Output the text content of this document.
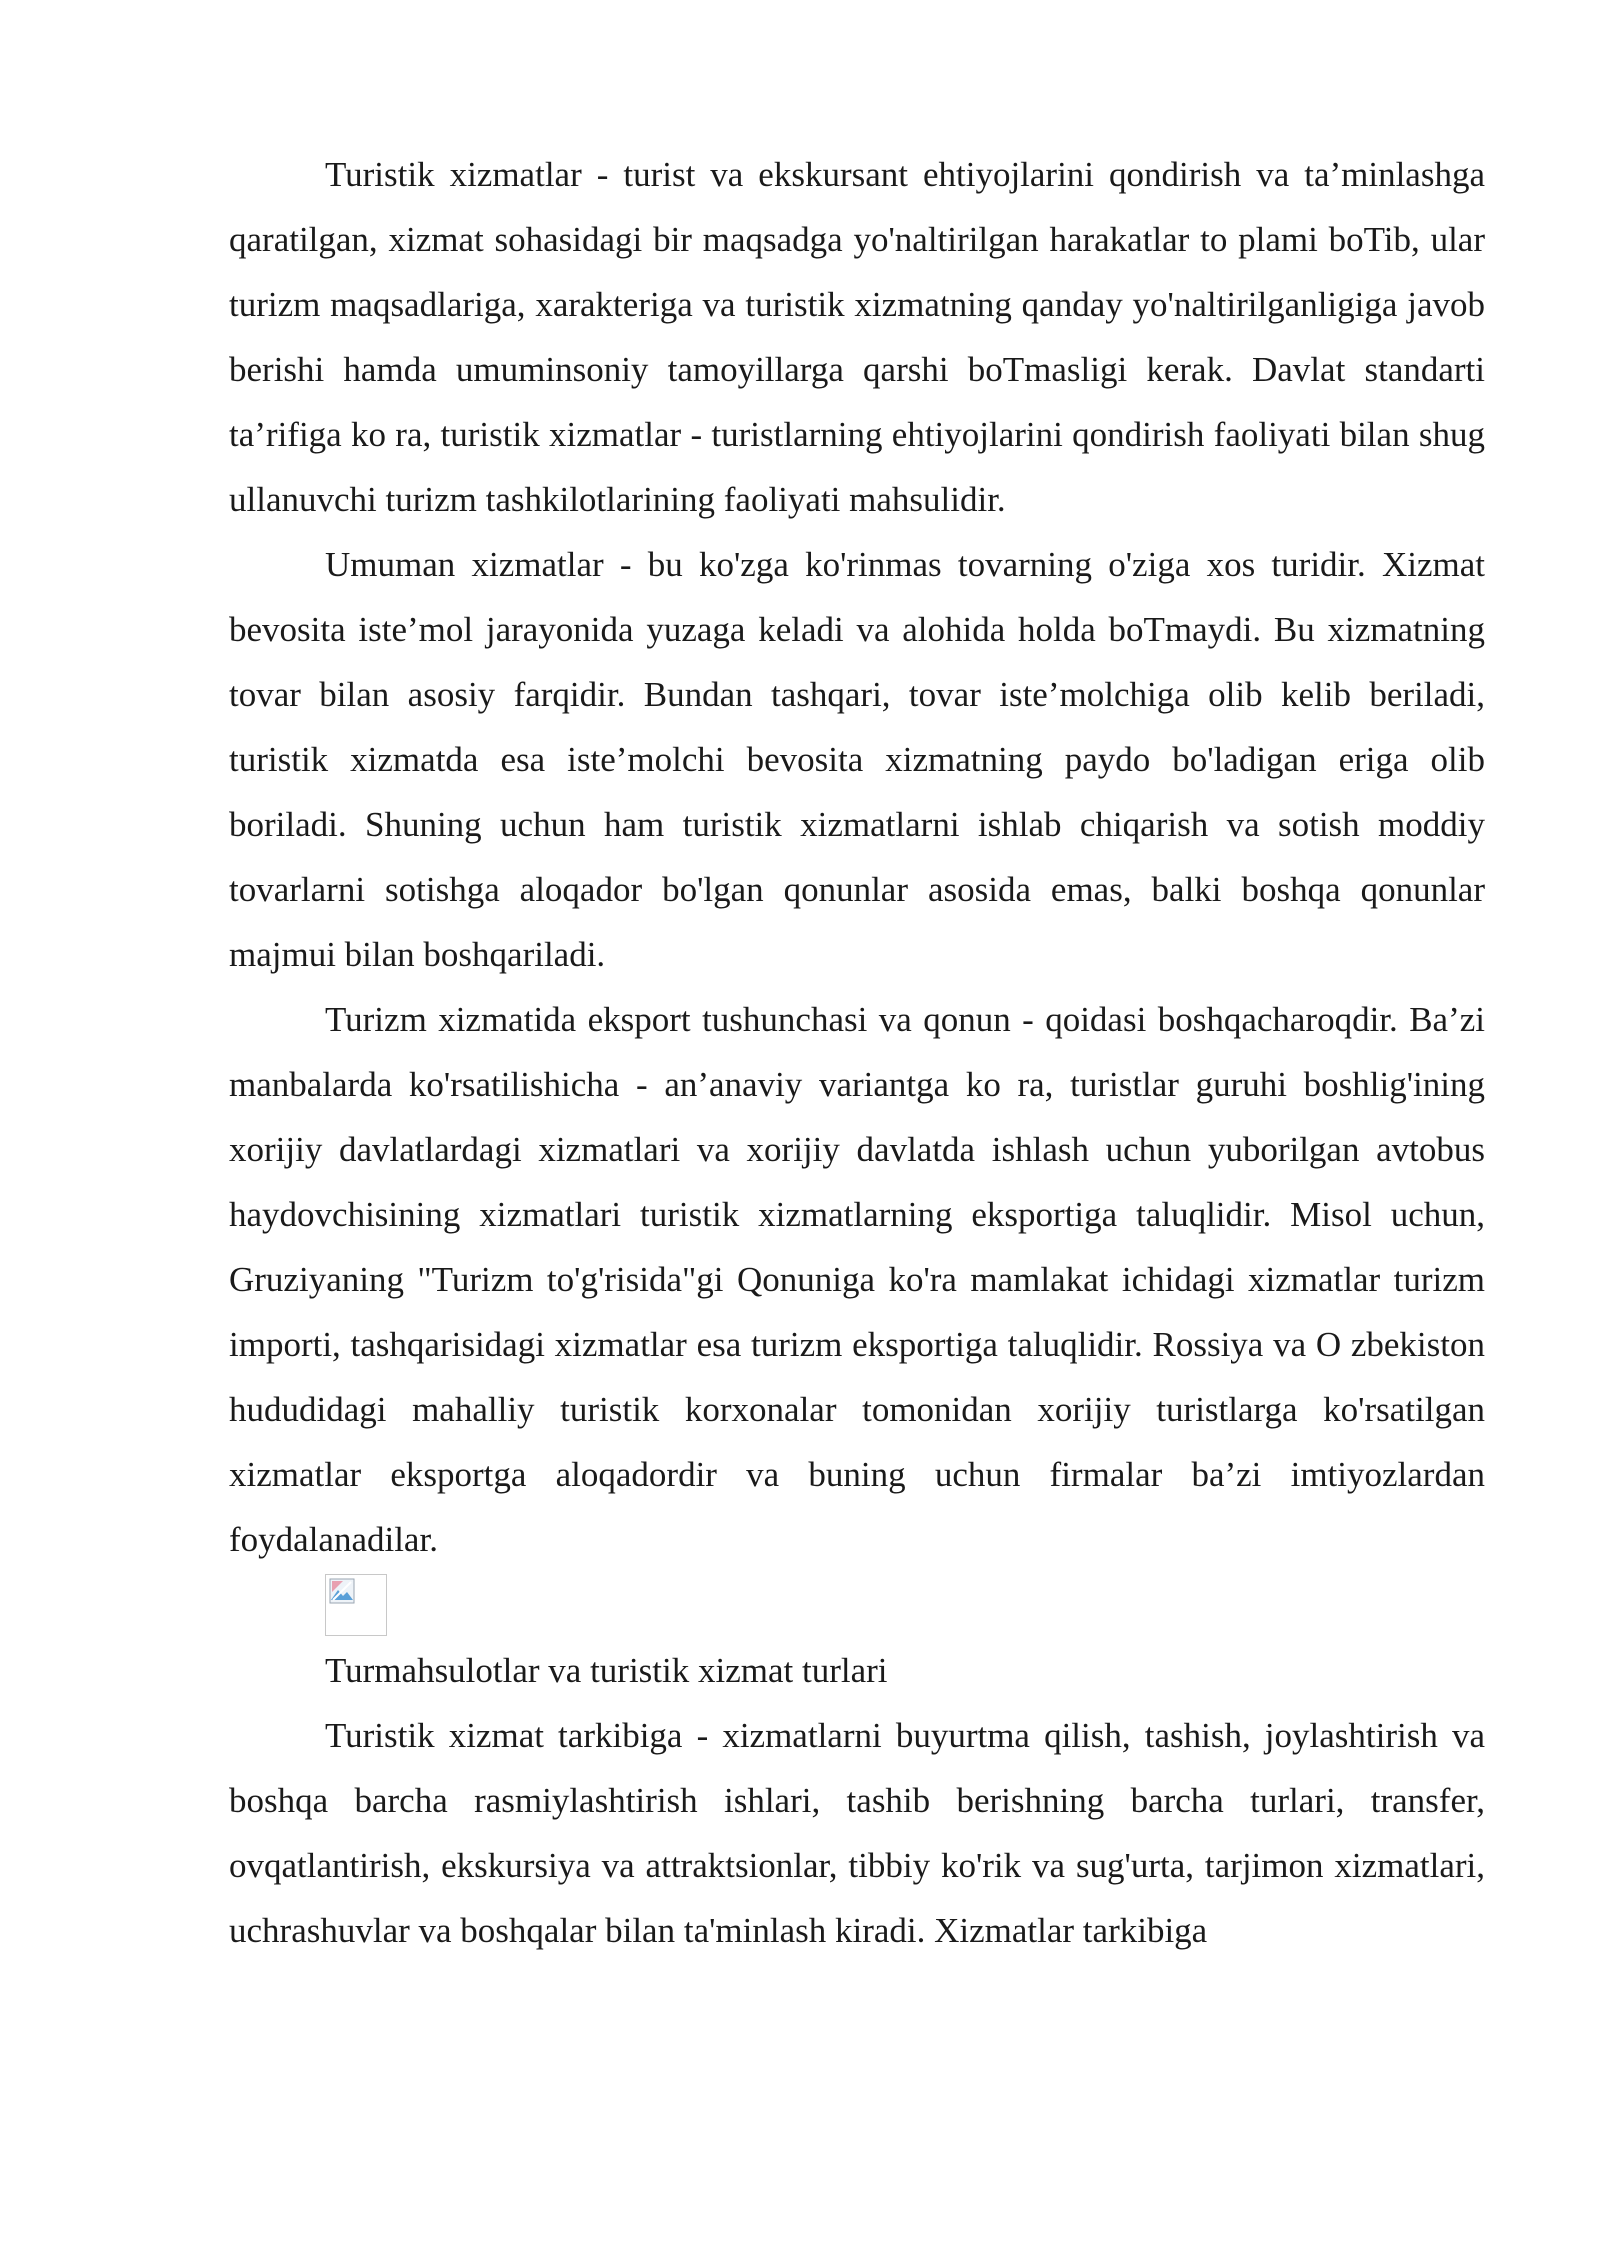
Turistik xizmatlar - turist va ekskursant ehtiyojlarini qondirish va ta’minlashga qaratilgan, xizmat sohasidagi bir maqsadga yo'naltirilgan harakatlar to plami boTib, ular turizm maqsadlariga, xarakteriga va turistik xizmatning qanday yo'naltirilganligiga javob berishi hamda umuminsoniy tamoyillarga qarshi boTmasligi kerak. Davlat standarti ta’rifiga ko ra, turistik xizmatlar - turistlarning ehtiyojlarini qondirish faoliyati bilan shug ullanuvchi turizm tashkilotlarining faoliyati mahsulidir.

Umuman xizmatlar - bu ko'zga ko'rinmas tovarning o'ziga xos turidir. Xizmat bevosita iste’mol jarayonida yuzaga keladi va alohida holda boTmaydi. Bu xizmatning tovar bilan asosiy farqidir. Bundan tashqari, tovar iste’molchiga olib kelib beriladi, turistik xizmatda esa iste’molchi bevosita xizmatning paydo bo'ladigan eriga olib boriladi. Shuning uchun ham turistik xizmatlarni ishlab chiqarish va sotish moddiy tovarlarni sotishga aloqador bo'lgan qonunlar asosida emas, balki boshqa qonunlar majmui bilan boshqariladi.

Turizm xizmatida eksport tushunchasi va qonun - qoidasi boshqacharoqdir. Ba’zi manbalarda ko'rsatilishicha - an’anaviy variantga ko ra, turistlar guruhi boshlig'ining xorijiy davlatlardagi xizmatlari va xorijiy davlatda ishlash uchun yuborilgan avtobus haydovchisining xizmatlari turistik xizmatlarning eksportiga taluqlidir. Misol uchun, Gruziyaning "Turizm to'g'risida"gi Qonuniga ko'ra mamlakat ichidagi xizmatlar turizm importi, tashqarisidagi xizmatlar esa turizm eksportiga taluqlidir. Rossiya va O zbekiston hududidagi mahalliy turistik korxonalar tomonidan xorijiy turistlarga ko'rsatilgan xizmatlar eksportga aloqadordir va buning uchun firmalar ba’zi imtiyozlardan foydalanadilar.

Turmahsulotlar va turistik xizmat turlari

Turistik xizmat tarkibiga - xizmatlarni buyurtma qilish, tashish, joylashtirish va boshqa barcha rasmiylashtirish ishlari, tashib berishning barcha turlari, transfer, ovqatlantirish, ekskursiya va attraktsionlar, tibbiy ko'rik va sug'urta, tarjimon xizmatlari, uchrashuvlar va boshqalar bilan ta'minlash kiradi. Xizmatlar tarkibiga
